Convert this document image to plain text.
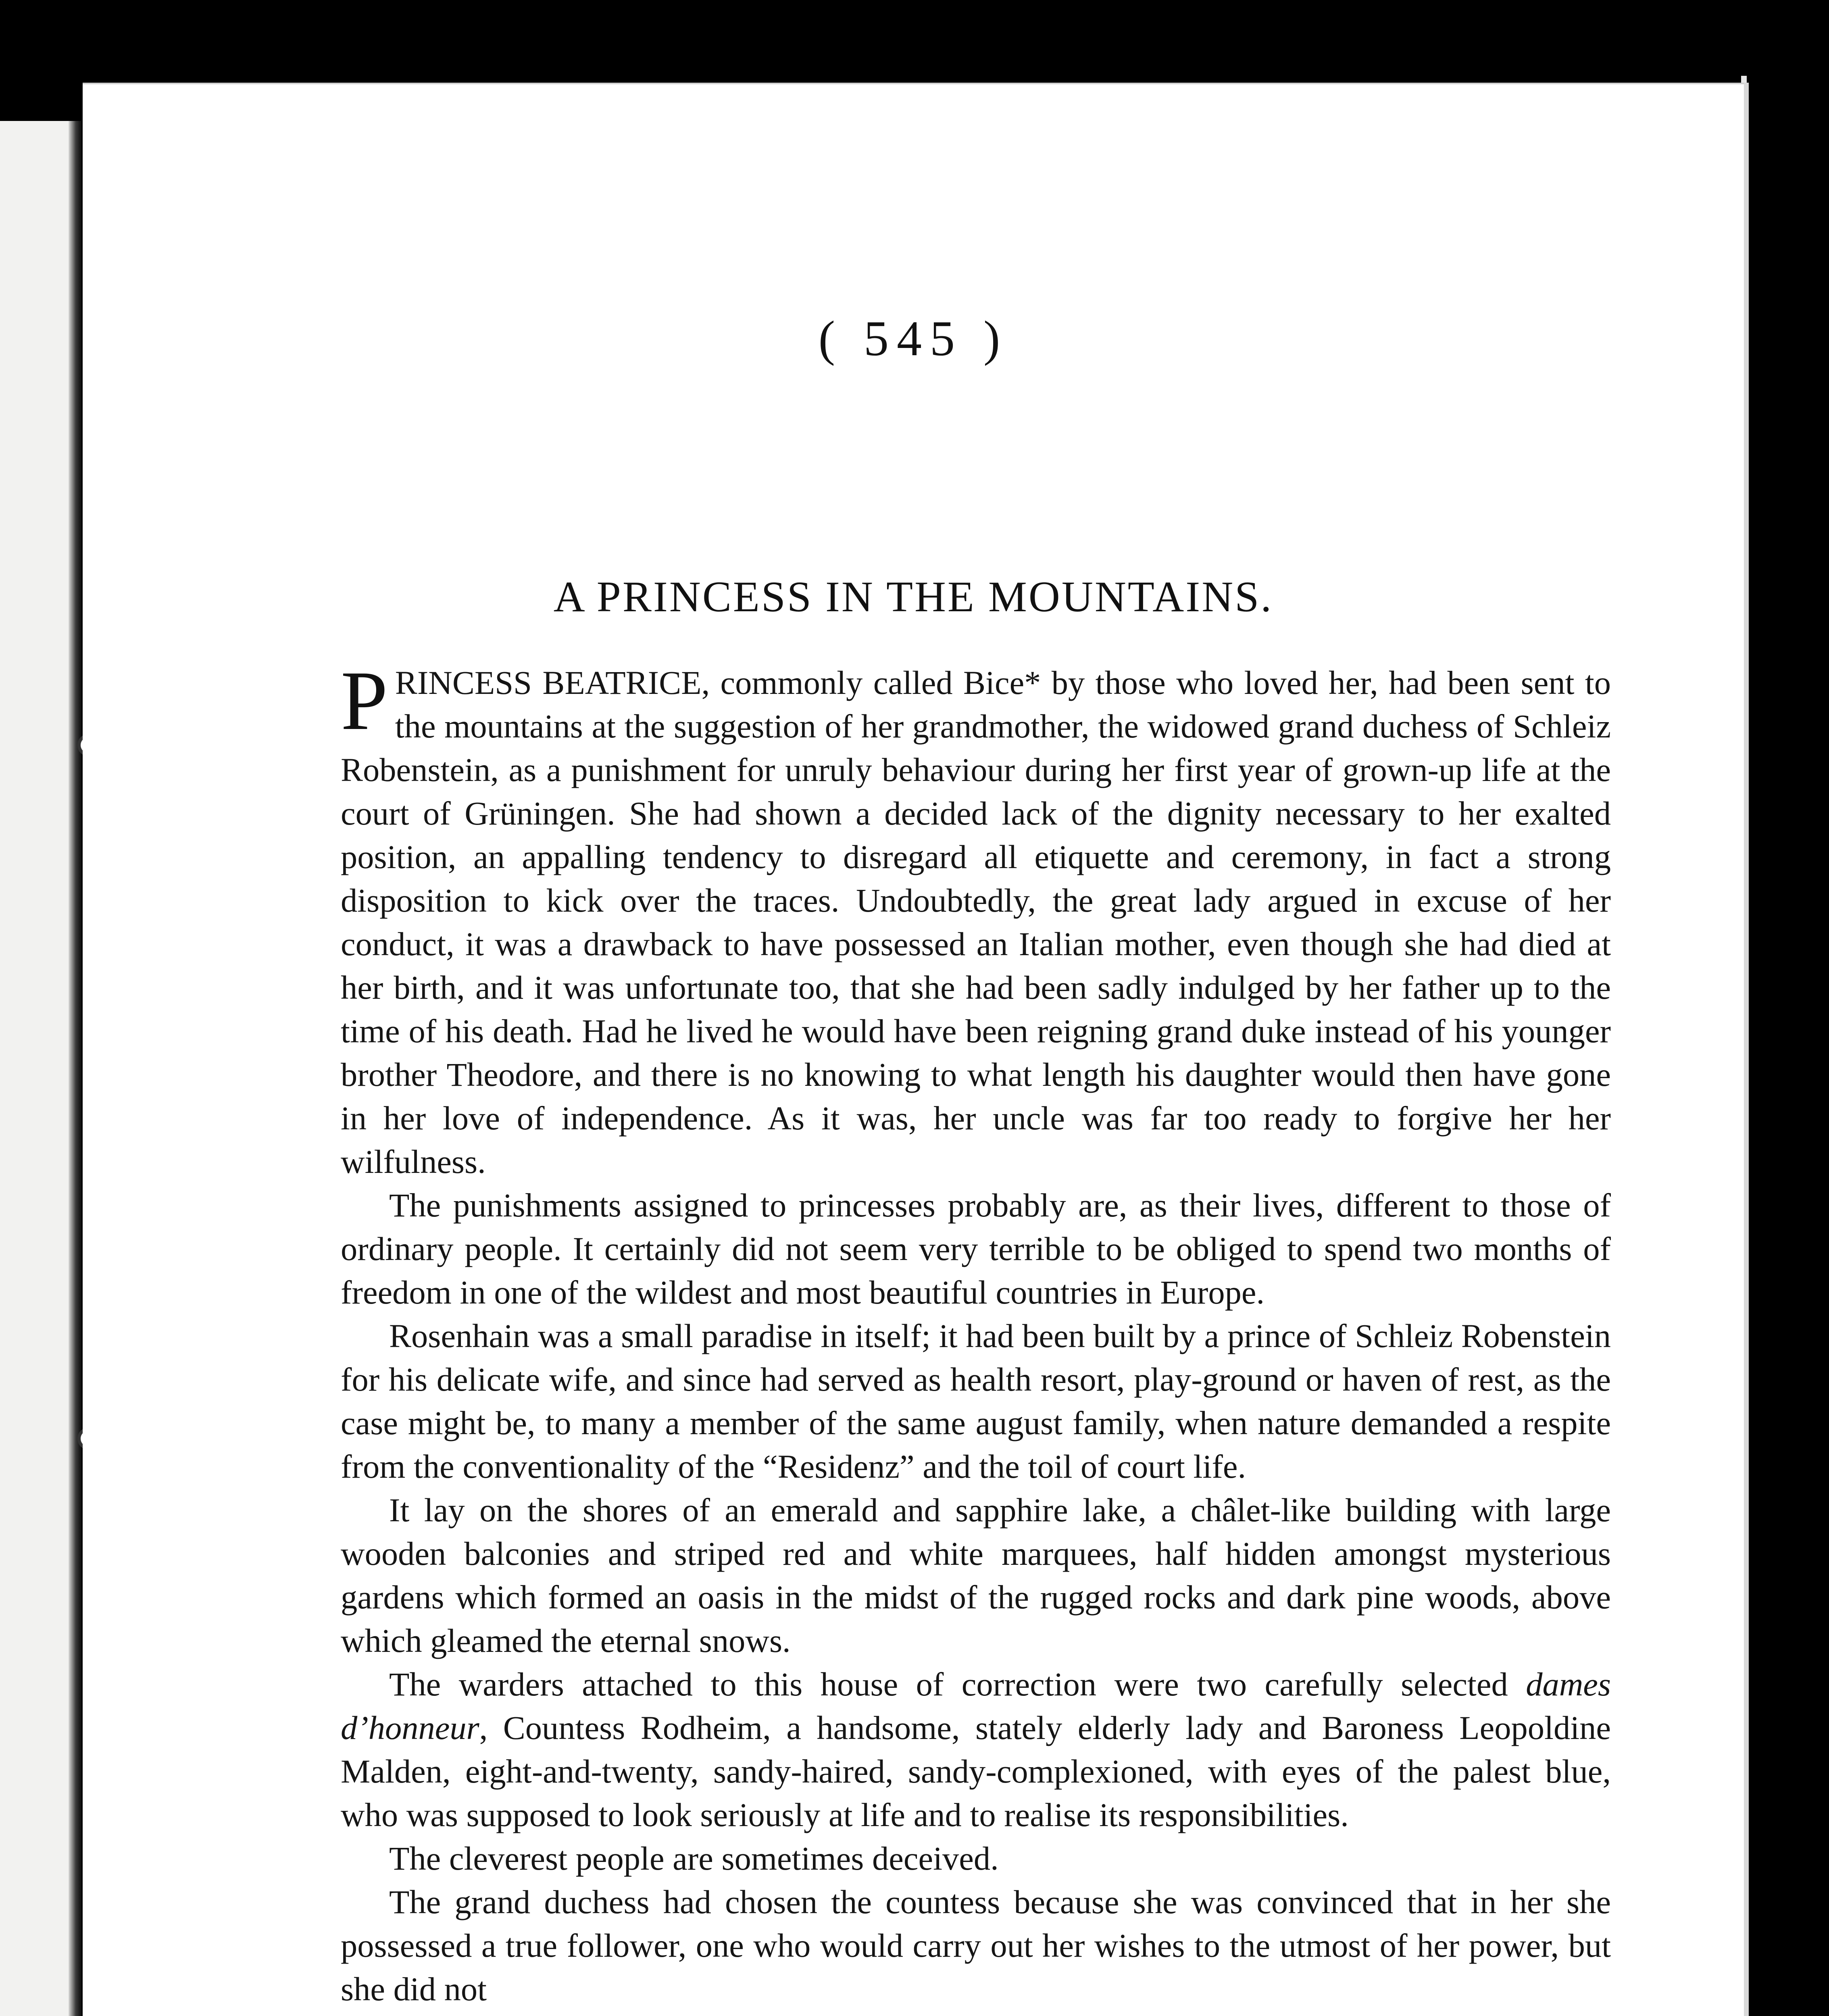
( 545 )
A PRINCESS IN THE MOUNTAINS.

PRINCESS BEATRICE, commonly called Bice* by those who loved her, had been sent to the mountains at the suggestion of her grandmother, the widowed grand duchess of Schleiz Robenstein, as a punishment for unruly behaviour during her first year of grown-up life at the court of Grüningen. She had shown a decided lack of the dignity necessary to her exalted position, an appalling tendency to disregard all etiquette and ceremony, in fact a strong disposition to kick over the traces. Undoubtedly, the great lady argued in excuse of her conduct, it was a drawback to have possessed an Italian mother, even though she had died at her birth, and it was unfortunate too, that she had been sadly indulged by her father up to the time of his death. Had he lived he would have been reigning grand duke instead of his younger brother Theodore, and there is no knowing to what length his daughter would then have gone in her love of independence. As it was, her uncle was far too ready to forgive her her wilfulness.

The punishments assigned to princesses probably are, as their lives, different to those of ordinary people. It certainly did not seem very terrible to be obliged to spend two months of freedom in one of the wildest and most beautiful countries in Europe.

Rosenhain was a small paradise in itself; it had been built by a prince of Schleiz Robenstein for his delicate wife, and since had served as health resort, play-ground or haven of rest, as the case might be, to many a member of the same august family, when nature demanded a respite from the conventionality of the “Residenz” and the toil of court life.

It lay on the shores of an emerald and sapphire lake, a châlet-like building with large wooden balconies and striped red and white marquees, half hidden amongst mysterious gardens which formed an oasis in the midst of the rugged rocks and dark pine woods, above which gleamed the eternal snows.

The warders attached to this house of correction were two carefully selected dames d’honneur, Countess Rodheim, a handsome, stately elderly lady and Baroness Leopoldine Malden, eight-and-twenty, sandy-haired, sandy-complexioned, with eyes of the palest blue, who was supposed to look seriously at life and to realise its responsibilities.

The cleverest people are sometimes deceived.

The grand duchess had chosen the countess because she was convinced that in her she possessed a true follower, one who would carry out her wishes to the utmost of her power, but she did not
